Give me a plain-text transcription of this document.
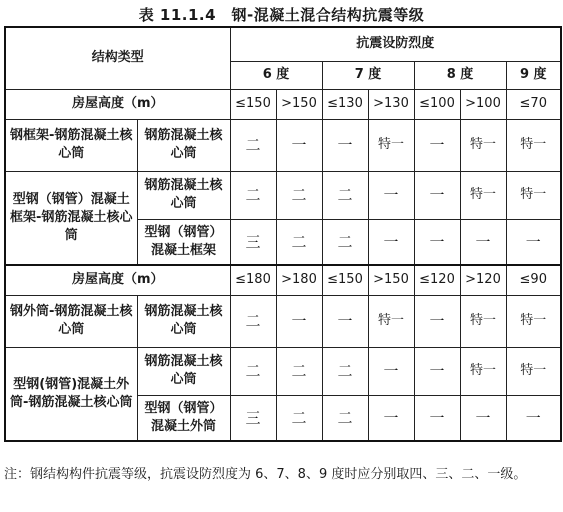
表 11.1.4　钢-混凝土混合结构抗震等级
结构类型		抗震设防烈度						
		6 度		7 度		8 度		9 度
房屋高度（m）		≤150	>150	≤130	>130	≤100	>100	≤70
钢框架-钢筋混凝土核心筒	钢筋混凝土核心筒	二	一	一	特一	一	特一	特一
型钢（钢管）混凝土框架-钢筋混凝土核心筒	钢筋混凝土核心筒	二	二	二	一	一	特一	特一
	型钢（钢管）混凝土框架	三	二	二	一	一	一	一
房屋高度（m）		≤180	>180	≤150	>150	≤120	>120	≤90
钢外筒-钢筋混凝土核心筒	钢筋混凝土核心筒	二	一	一	特一	一	特一	特一
型钢(钢管)混凝土外筒-钢筋混凝土核心筒	钢筋混凝土核心筒	二	二	二	一	一	特一	特一
	型钢（钢管）混凝土外筒	三	二	二	一	一	一	一
注：钢结构构件抗震等级，抗震设防烈度为 6、7、8、9 度时应分别取四、三、二、一级。
